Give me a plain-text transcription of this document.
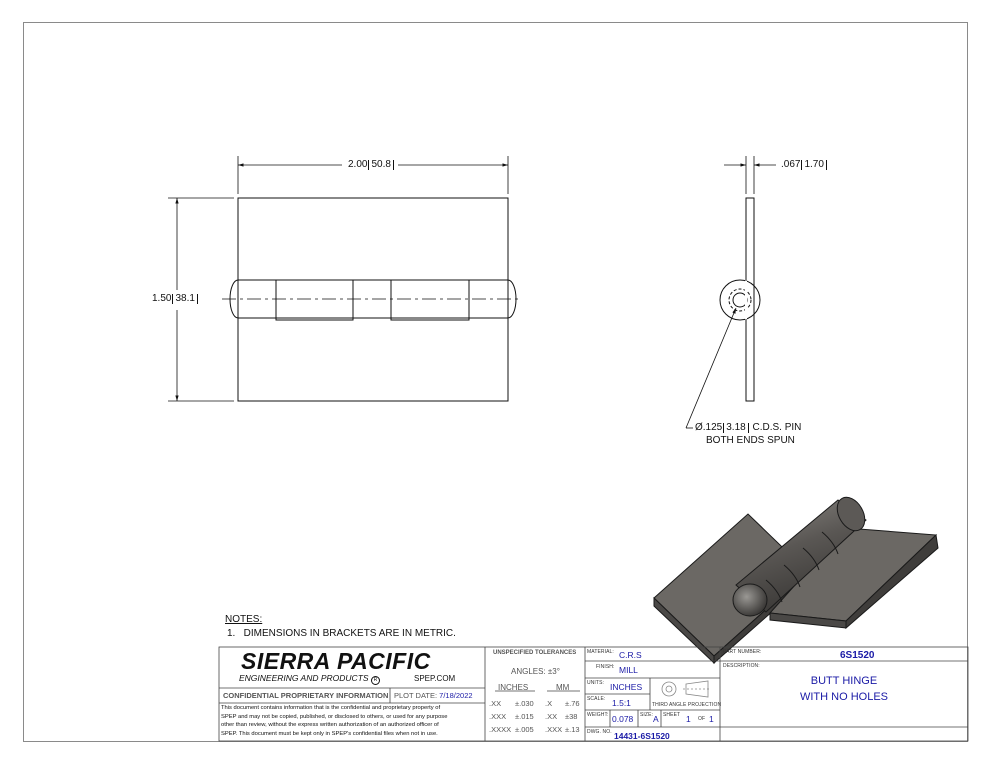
2.00 50.8
1.50 38.1
.067 1.70
Ø.125 3.18 C.D.S. PIN
BOTH ENDS SPUN
NOTES:
1.   DIMENSIONS IN BRACKETS ARE IN METRIC.
SIERRA PACIFIC
ENGINEERING AND PRODUCTS R	SPEP.COM
CONFIDENTIAL PROPRIETARY INFORMATION PLOT DATE: 7/18/2022
This document contains information that is the confidential and proprietary property of
SPEP and may not be copied, published, or disclosed to others, or used for any purpose
other than review, without the express written authorization of an authorized officer of
SPEP. This document must be kept only in SPEP's confidential files when not in use.
UNSPECIFIED TOLERANCES
ANGLES: ±3°
INCHES	MM
.XX ±.030
.XXX ±.015
.XXXX ±.005
.X ±.76
.XX ±38
.XXX ±.13
MATERIAL: C.R.S
FINISH: MILL
UNITS: INCHES
SCALE: 1.5:1	THIRD ANGLE PROJECTION
WEIGHT: 0.078 SIZE: A SHEET 1 OF 1
DWG. NO. 14431-6S1520
PART NUMBER:	6S1520
DESCRIPTION:
BUTT HINGE
WITH NO HOLES
